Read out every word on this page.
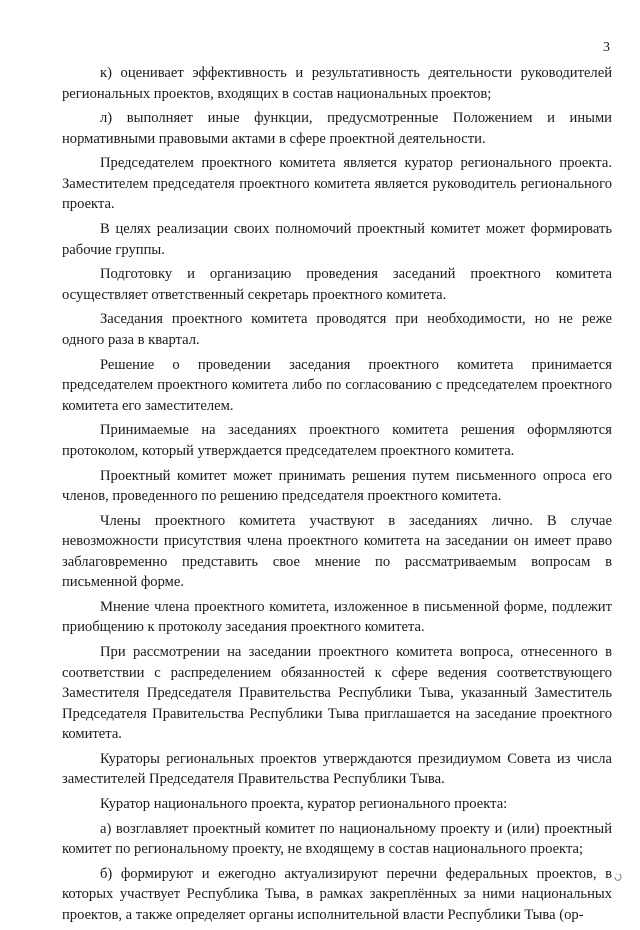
3

к) оценивает эффективность и результативность деятельности руководителей региональных проектов, входящих в состав национальных проектов;

л) выполняет иные функции, предусмотренные Положением и иными нормативными правовыми актами в сфере проектной деятельности.

Председателем проектного комитета является куратор регионального проекта. Заместителем председателя проектного комитета является руководитель регионального проекта.

В целях реализации своих полномочий проектный комитет может формировать рабочие группы.

Подготовку и организацию проведения заседаний проектного комитета осуществляет ответственный секретарь проектного комитета.

Заседания проектного комитета проводятся при необходимости, но не реже одного раза в квартал.

Решение о проведении заседания проектного комитета принимается председателем проектного комитета либо по согласованию с председателем проектного комитета его заместителем.

Принимаемые на заседаниях проектного комитета решения оформляются протоколом, который утверждается председателем проектного комитета.

Проектный комитет может принимать решения путем письменного опроса его членов, проведенного по решению председателя проектного комитета.

Члены проектного комитета участвуют в заседаниях лично. В случае невозможности присутствия члена проектного комитета на заседании он имеет право заблаговременно представить свое мнение по рассматриваемым вопросам в письменной форме.

Мнение члена проектного комитета, изложенное в письменной форме, подлежит приобщению к протоколу заседания проектного комитета.

При рассмотрении на заседании проектного комитета вопроса, отнесенного в соответствии с распределением обязанностей к сфере ведения соответствующего Заместителя Председателя Правительства Республики Тыва, указанный Заместитель Председателя Правительства Республики Тыва приглашается на заседание проектного комитета.

Кураторы региональных проектов утверждаются президиумом Совета из числа заместителей Председателя Правительства Республики Тыва.

Куратор национального проекта, куратор регионального проекта:

а) возглавляет проектный комитет по национальному проекту и (или) проектный комитет по региональному проекту, не входящему в состав национального проекта;

б) формируют и ежегодно актуализируют перечни федеральных проектов, в которых участвует Республика Тыва, в рамках закреплённых за ними национальных проектов, а также определяет органы исполнительной власти Республики Тыва (ор-

ن
